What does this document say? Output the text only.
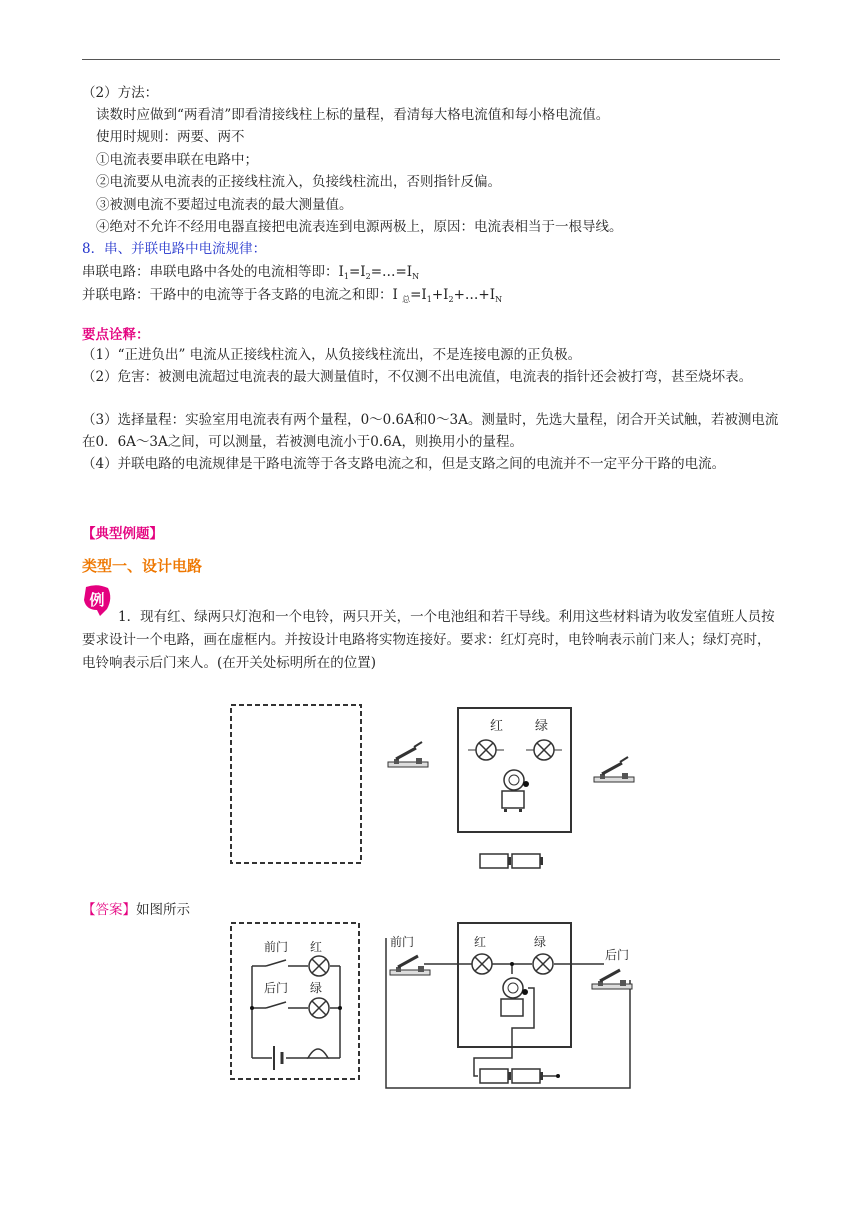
（2）方法：
读数时应做到“两看清”即看清接线柱上标的量程，看清每大格电流值和每小格电流值。
使用时规则：两要、两不
①电流表要串联在电路中；
②电流要从电流表的正接线柱流入，负接线柱流出，否则指针反偏。
③被测电流不要超过电流表的最大测量值。
④绝对不允许不经用电器直接把电流表连到电源两极上，原因：电流表相当于一根导线。
8．串、并联电路中电流规律：
串联电路：串联电路中各处的电流相等即：$I_1=I_2=\dots=I_N$
并联电路：干路中的电流等于各支路的电流之和即：I $_总=I_1+I_2+\dots+I_N$
要点诠释：
（1）“正进负出” 电流从正接线柱流入，从负接线柱流出，不是连接电源的正负极。
（2）危害：被测电流超过电流表的最大测量值时，不仅测不出电流值，电流表的指针还会被打弯，甚至烧坏表。
（3）选择量程：实验室用电流表有两个量程，0～0.6A和0～3A。测量时，先选大量程，闭合开关试触，若被测电流在0．6A～3A之间，可以测量，若被测电流小于0.6A，则换用小的量程。
（4）并联电路的电流规律是干路电流等于各支路电流之和，但是支路之间的电流并不一定平分干路的电流。
【典型例题】
类型一、设计电路
例
1．现有红、绿两只灯泡和一个电铃，两只开关，一个电池组和若干导线。利用这些材料请为收发室值班人员按要求设计一个电路，画在虚框内。并按设计电路将实物连接好。要求：红灯亮时，电铃响表示前门来人；绿灯亮时，电铃响表示后门来人。(在开关处标明所在的位置)
红 绿
【答案】如图所示
前门 红
后门 绿
前门
后门
红	绿
